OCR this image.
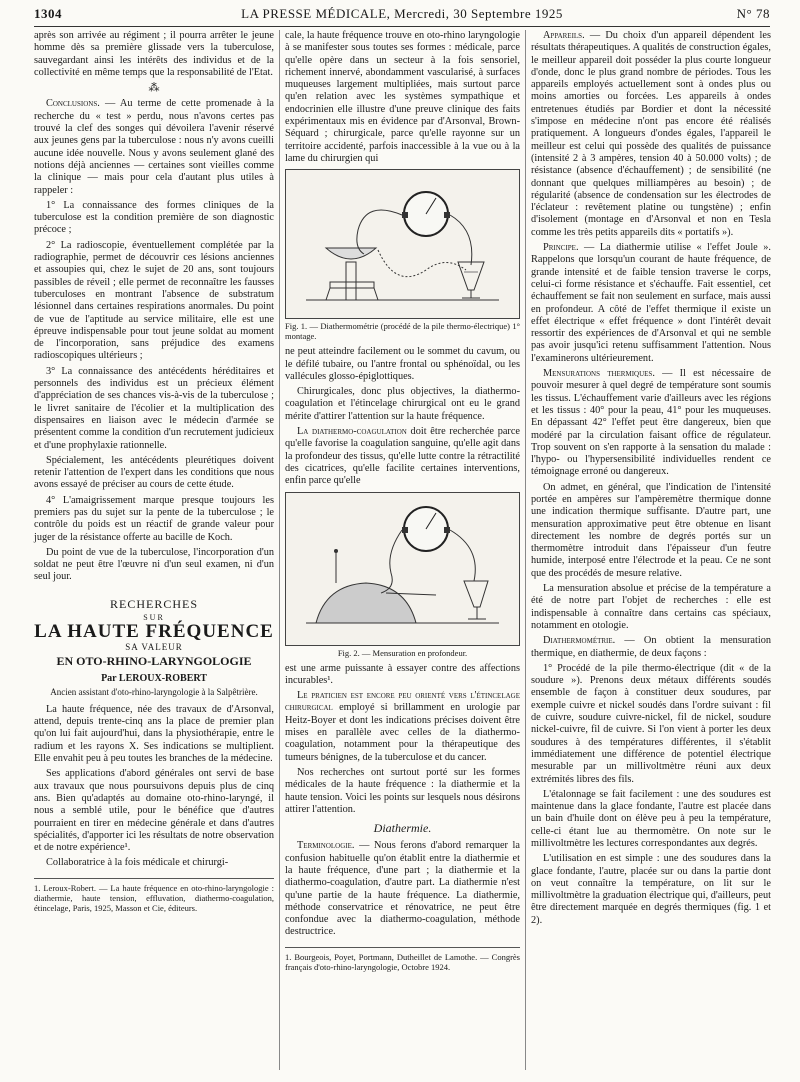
1304	LA PRESSE MÉDICALE, Mercredi, 30 Septembre 1925	N° 78

après son arrivée au régiment ; il pourra arrêter le jeune homme dès sa première glissade vers la tuberculose, sauvegardant ainsi les intérêts des individus et de la collectivité en même temps que la responsabilité de l'Etat.

⁂

Conclusions. — Au terme de cette promenade à la recherche du « test » perdu, nous n'avons certes pas trouvé la clef des songes qui dévoilera l'avenir réservé aux jeunes gens par la tuberculose : nous n'y avons cueilli aucune idée nouvelle. Nous y avons seulement glané des notions déjà anciennes — certaines sont vieilles comme la clinique — mais pour cela d'autant plus utiles à rappeler :

1° La connaissance des formes cliniques de la tuberculose est la condition première de son diagnostic précoce ;

2° La radioscopie, éventuellement complétée par la radiographie, permet de découvrir ces lésions anciennes et assoupies qui, chez le sujet de 20 ans, sont toujours passibles de réveil ; elle permet de reconnaître les fausses tuberculoses en montrant l'absence de substratum lésionnel dans certaines respirations anormales. Du point de vue de l'aptitude au service militaire, elle est une épreuve indispensable pour tout jeune soldat au moment de l'incorporation, sans préjudice des examens radioscopiques ultérieurs ;

3° La connaissance des antécédents héréditaires et personnels des individus est un précieux élément d'appréciation de ses chances vis-à-vis de la tuberculose ; le livret sanitaire de l'écolier et la multiplication des dispensaires en liaison avec le médecin d'armée se présentent comme la condition d'un recrutement judicieux et d'une prophylaxie rationnelle.

Spécialement, les antécédents pleurétiques doivent retenir l'attention de l'expert dans les conditions que nous avons essayé de préciser au cours de cette étude.

4° L'amaigrissement marque presque toujours les premiers pas du sujet sur la pente de la tuberculose ; le contrôle du poids est un réactif de grande valeur pour juger de la résistance offerte au bacille de Koch.

Du point de vue de la tuberculose, l'incorporation d'un soldat ne peut être l'œuvre ni d'un seul examen, ni d'un seul jour.

RECHERCHES
SUR
LA HAUTE FRÉQUENCE
SA VALEUR
EN OTO-RHINO-LARYNGOLOGIE
Par LEROUX-ROBERT
Ancien assistant d'oto-rhino-laryngologie à la Salpêtrière.

La haute fréquence, née des travaux de d'Arsonval, attend, depuis trente-cinq ans la place de premier plan qu'on lui fait aujourd'hui, dans la physiothérapie, entre le radium et les rayons X. Ses indications se multiplient. Elle envahit peu à peu toutes les branches de la médecine.

Ses applications d'abord générales ont servi de base aux travaux que nous poursuivons depuis plus de cinq ans. Bien qu'adaptés au domaine oto-rhino-laryngé, il nous a semblé utile, pour le bénéfice que d'autres pourraient en tirer en médecine générale et dans d'autres spécialités, d'apporter ici les résultats de notre observation et de notre expérience¹.

Collaboratrice à la fois médicale et chirurgi-

1. Leroux-Robert. — La haute fréquence en oto-rhino-laryngologie : diathermie, haute tension, effluvation, diathermo-coagulation, étincelage, Paris, 1925, Masson et Cie, éditeurs.

cale, la haute fréquence trouve en oto-rhino laryngologie à se manifester sous toutes ses formes : médicale, parce qu'elle opère dans un secteur à la fois sensoriel, richement innervé, abondamment vascularisé, à surfaces muqueuses largement multipliées, mais surtout parce qu'en relation avec les systèmes sympathique et endocrinien elle illustre d'une preuve clinique des faits expérimentaux mis en évidence par d'Arsonval, Brown-Séquard ; chirurgicale, parce qu'elle rayonne sur un territoire accidenté, parfois inaccessible à la vue ou à la lame du chirurgien qui

Fig. 1. — Diathermométrie (procédé de la pile thermo-électrique) 1° montage.

ne peut atteindre facilement ou le sommet du cavum, ou le défilé tubaire, ou l'antre frontal ou sphénoïdal, ou les vallécules glosso-épiglottiques.

Chirurgicales, donc plus objectives, la diathermo-coagulation et l'étincelage chirurgical ont eu le grand mérite d'attirer l'attention sur la haute fréquence.

La diathermo-coagulation doit être recherchée parce qu'elle favorise la coagulation sanguine, qu'elle agit dans la profondeur des tissus, qu'elle lutte contre la rétractilité des cicatrices, qu'elle facilite certaines interventions, enfin parce qu'elle

Fig. 2. — Mensuration en profondeur.

est une arme puissante à essayer contre des affections incurables¹.

Le praticien est encore peu orienté vers l'étincelage chirurgical employé si brillamment en urologie par Heitz-Boyer et dont les indications précises doivent être mises en parallèle avec celles de la diathermo-coagulation, notamment pour la thérapeutique des tumeurs bénignes, de la tuberculose et du cancer.

Nos recherches ont surtout porté sur les formes médicales de la haute fréquence : la diathermie et la haute tension. Voici les points sur lesquels nous désirons attirer l'attention.

Diathermie.

Terminologie. — Nous ferons d'abord remarquer la confusion habituelle qu'on établit entre la diathermie et la haute fréquence, d'une part ; la diathermie et la diathermo-coagulation, d'autre part. La diathermie n'est qu'une partie de la haute fréquence. La diathermie, méthode conservatrice et rénovatrice, ne peut être confondue avec la diathermo-coagulation, méthode destructrice.

1. Bourgeois, Poyet, Portmann, Dutheillet de Lamothe. — Congrès français d'oto-rhino-laryngologie, Octobre 1924.

Appareils. — Du choix d'un appareil dépendent les résultats thérapeutiques. A qualités de construction égales, le meilleur appareil doit posséder la plus courte longueur d'onde, donc le plus grand nombre de périodes. Tous les appareils employés actuellement sont à ondes plus ou moins amorties ou forcées. Les appareils à ondes entretenues étudiés par Bordier et dont la nécessité s'impose en médecine n'ont pas encore été réalisés pratiquement. A longueurs d'ondes égales, l'appareil le meilleur est celui qui possède des qualités de puissance (intensité 2 à 3 ampères, tension 40 à 50.000 volts) ; de résistance (absence d'échauffement) ; de sensibilité (ne donnant que quelques milliampères au besoin) ; de régularité (absence de condensation sur les électrodes de l'éclateur : revêtement platine ou tungstène) ; enfin d'isolement (montage en d'Arsonval et non en Tesla comme les très petits appareils dits « portatifs »).

Principe. — La diathermie utilise « l'effet Joule ». Rappelons que lorsqu'un courant de haute fréquence, de grande intensité et de faible tension traverse le corps, celui-ci forme résistance et s'échauffe. Fait essentiel, cet échauffement se fait non seulement en surface, mais aussi en profondeur. A côté de l'effet thermique il existe un effet électrique « effet fréquence » dont l'intérêt devait ressortir des expériences de d'Arsonval et qui ne semble pas avoir jusqu'ici retenu suffisamment l'attention. Nous l'examinerons ultérieurement.

Mensurations thermiques. — Il est nécessaire de pouvoir mesurer à quel degré de température sont soumis les tissus. L'échauffement varie d'ailleurs avec les régions et les tissus : 40° pour la peau, 41° pour les muqueuses. En dépassant 42° l'effet peut être dangereux, bien que modéré par la circulation faisant office de régulateur. Trop souvent on s'en rapporte à la sensation du malade : l'hypo- ou l'hypersensibilité individuelles rendent ce témoignage erroné ou dangereux.

On admet, en général, que l'indication de l'intensité portée en ampères sur l'ampèremètre thermique donne une indication thermique suffisante. D'autre part, une mensuration approximative peut être obtenue en lisant directement les nombre de degrés portés sur un thermomètre introduit dans l'épaisseur d'un feutre humide, interposé entre l'électrode et la peau. Ce ne sont que des procédés de mesure relative.

La mensuration absolue et précise de la température a été de notre part l'objet de recherches : elle est indispensable à connaître dans certains cas spéciaux, notamment en otologie.

Diathermométrie. — On obtient la mensuration thermique, en diathermie, de deux façons :

1° Procédé de la pile thermo-électrique (dit « de la soudure »). Prenons deux métaux différents soudés ensemble de façon à constituer deux soudures, par exemple cuivre et nickel soudés dans l'ordre suivant : fil de cuivre, soudure cuivre-nickel, fil de nickel, soudure nickel-cuivre, fil de cuivre. Si l'on vient à porter les deux soudures à des températures différentes, il s'établit immédiatement une différence de potentiel électrique mesurable par un millivoltmètre réuni aux deux extrémités libres des fils.

L'étalonnage se fait facilement : une des soudures est maintenue dans la glace fondante, l'autre est placée dans un bain d'huile dont on élève peu à peu la température, celle-ci étant lue au thermomètre. On note sur le millivoltmètre les lectures correspondantes aux degrés.

L'utilisation en est simple : une des soudures dans la glace fondante, l'autre, placée sur ou dans la partie dont on veut connaître la température, on lit sur le millivoltmètre la graduation électrique qui, d'ailleurs, peut être directement marquée en degrés thermiques (fig. 1 et 2).
